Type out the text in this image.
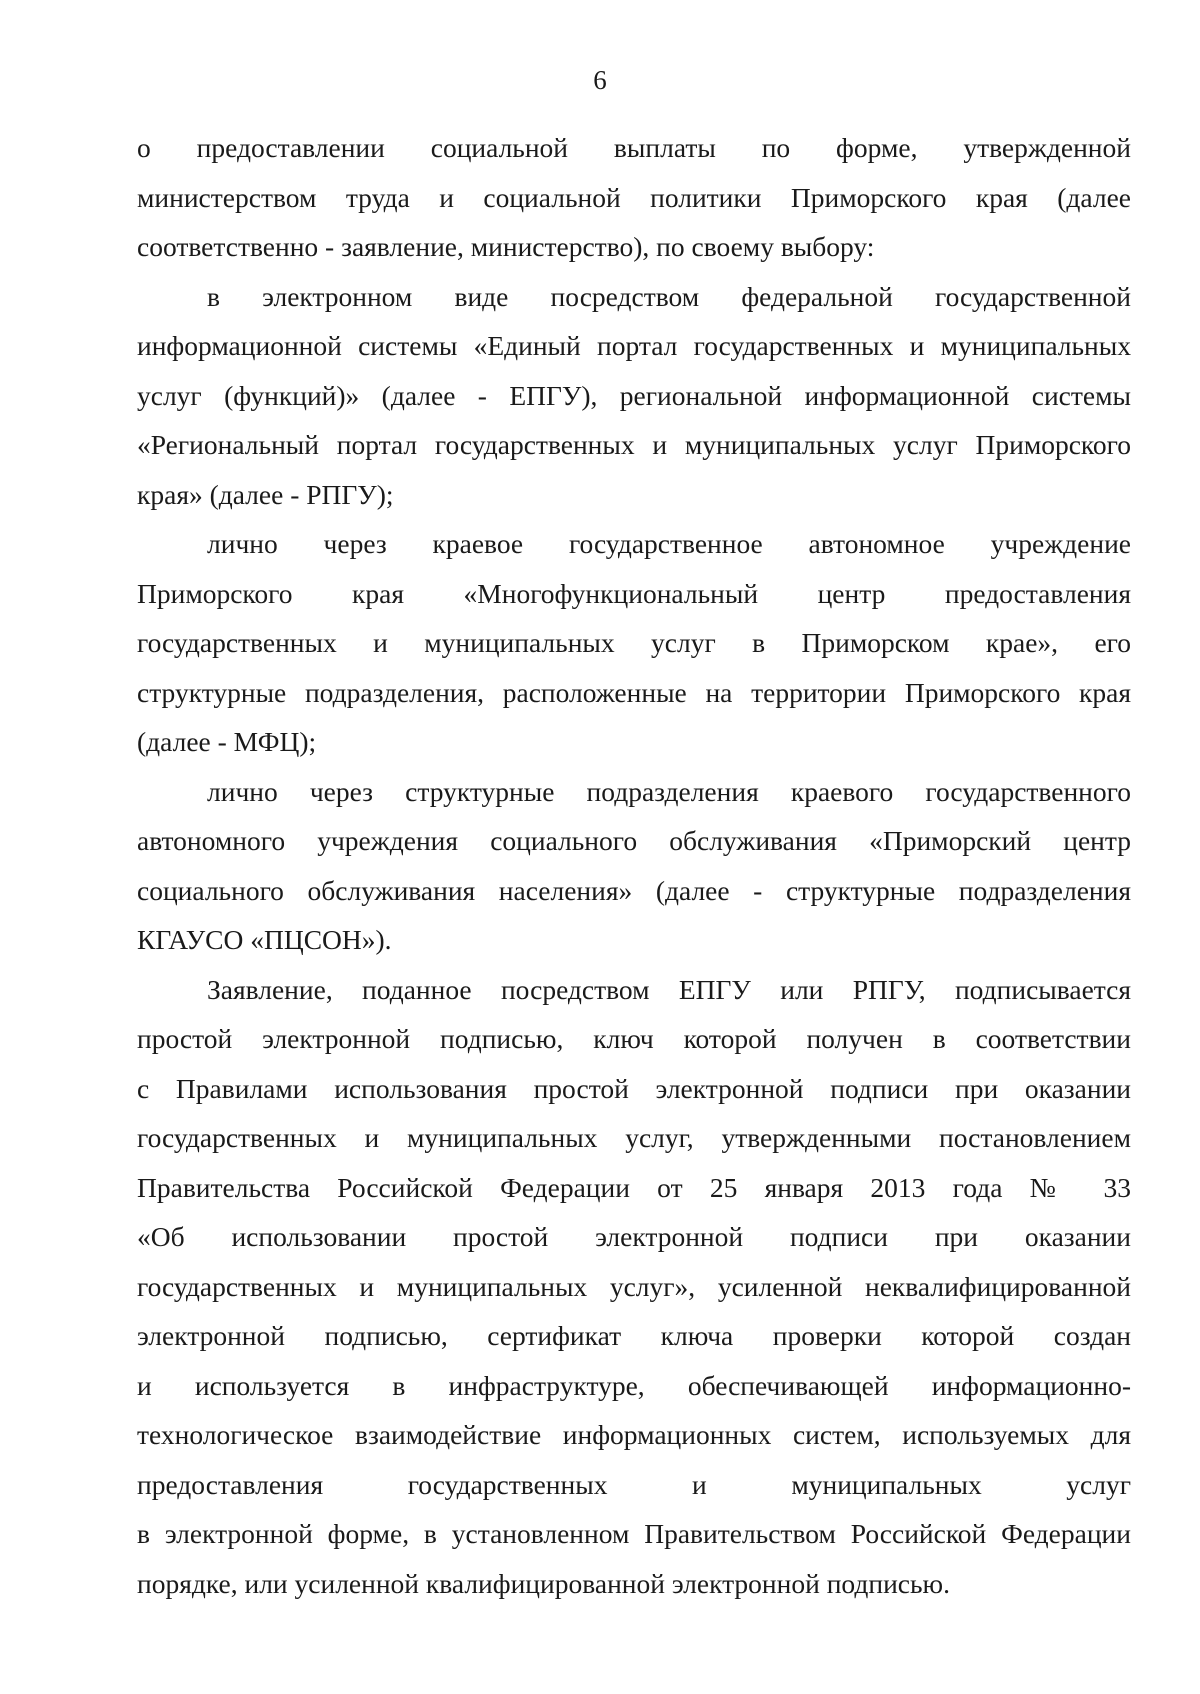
6
о предоставлении социальной выплаты по форме, утвержденной
министерством труда и социальной политики Приморского края (далее
соответственно - заявление, министерство), по своему выбору:
в электронном виде посредством федеральной государственной
информационной системы «Единый портал государственных и муниципальных
услуг (функций)» (далее - ЕПГУ), региональной информационной системы
«Региональный портал государственных и муниципальных услуг Приморского
края» (далее - РПГУ);
лично через краевое государственное автономное учреждение
Приморского края «Многофункциональный центр предоставления
государственных и муниципальных услуг в Приморском крае», его
структурные подразделения, расположенные на территории Приморского края
(далее - МФЦ);
лично через структурные подразделения краевого государственного
автономного учреждения социального обслуживания «Приморский центр
социального обслуживания населения» (далее - структурные подразделения
КГАУСО «ПЦСОН»).
Заявление, поданное посредством ЕПГУ или РПГУ, подписывается
простой электронной подписью, ключ которой получен в соответствии
с Правилами использования простой электронной подписи при оказании
государственных и муниципальных услуг, утвержденными постановлением
Правительства Российской Федерации от 25 января 2013 года № 33
«Об использовании простой электронной подписи при оказании
государственных и муниципальных услуг», усиленной неквалифицированной
электронной подписью, сертификат ключа проверки которой создан
и используется в инфраструктуре, обеспечивающей информационно-
технологическое взаимодействие информационных систем, используемых для
предоставления государственных и муниципальных услуг
в электронной форме, в установленном Правительством Российской Федерации
порядке, или усиленной квалифицированной электронной подписью.
